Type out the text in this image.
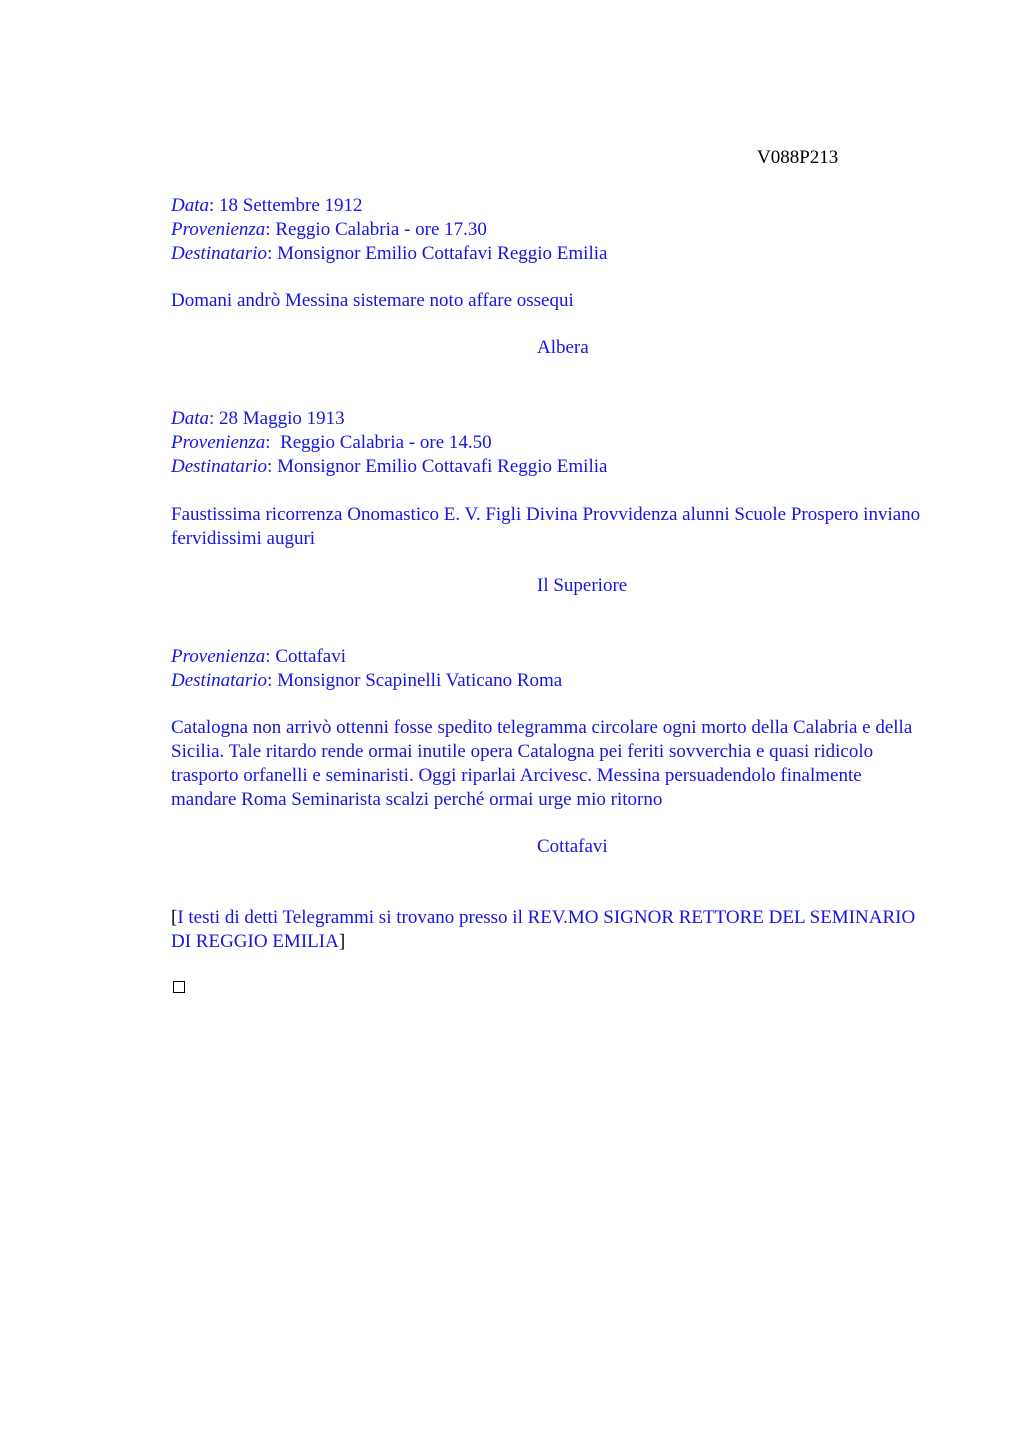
V088P213
Data: 18 Settembre 1912
Provenienza: Reggio Calabria - ore 17.30
Destinatario: Monsignor Emilio Cottafavi Reggio Emilia
Domani andrò Messina sistemare noto affare ossequi
Albera
Data: 28 Maggio 1913
Provenienza:  Reggio Calabria - ore 14.50
Destinatario: Monsignor Emilio Cottavafi Reggio Emilia
Faustissima ricorrenza Onomastico E. V. Figli Divina Provvidenza alunni Scuole Prospero inviano fervidissimi auguri
Il Superiore
Provenienza: Cottafavi
Destinatario: Monsignor Scapinelli Vaticano Roma
Catalogna non arrivò ottenni fosse spedito telegramma circolare ogni morto della Calabria e della Sicilia. Tale ritardo rende ormai inutile opera Catalogna pei feriti sovverchia e quasi ridicolo trasporto orfanelli e seminaristi. Oggi riparlai Arcivesc. Messina persuadendolo finalmente mandare Roma Seminarista scalzi perché ormai urge mio ritorno
Cottafavi
[I testi di detti Telegrammi si trovano presso il REV.MO SIGNOR RETTORE DEL SEMINARIO DI REGGIO EMILIA]
